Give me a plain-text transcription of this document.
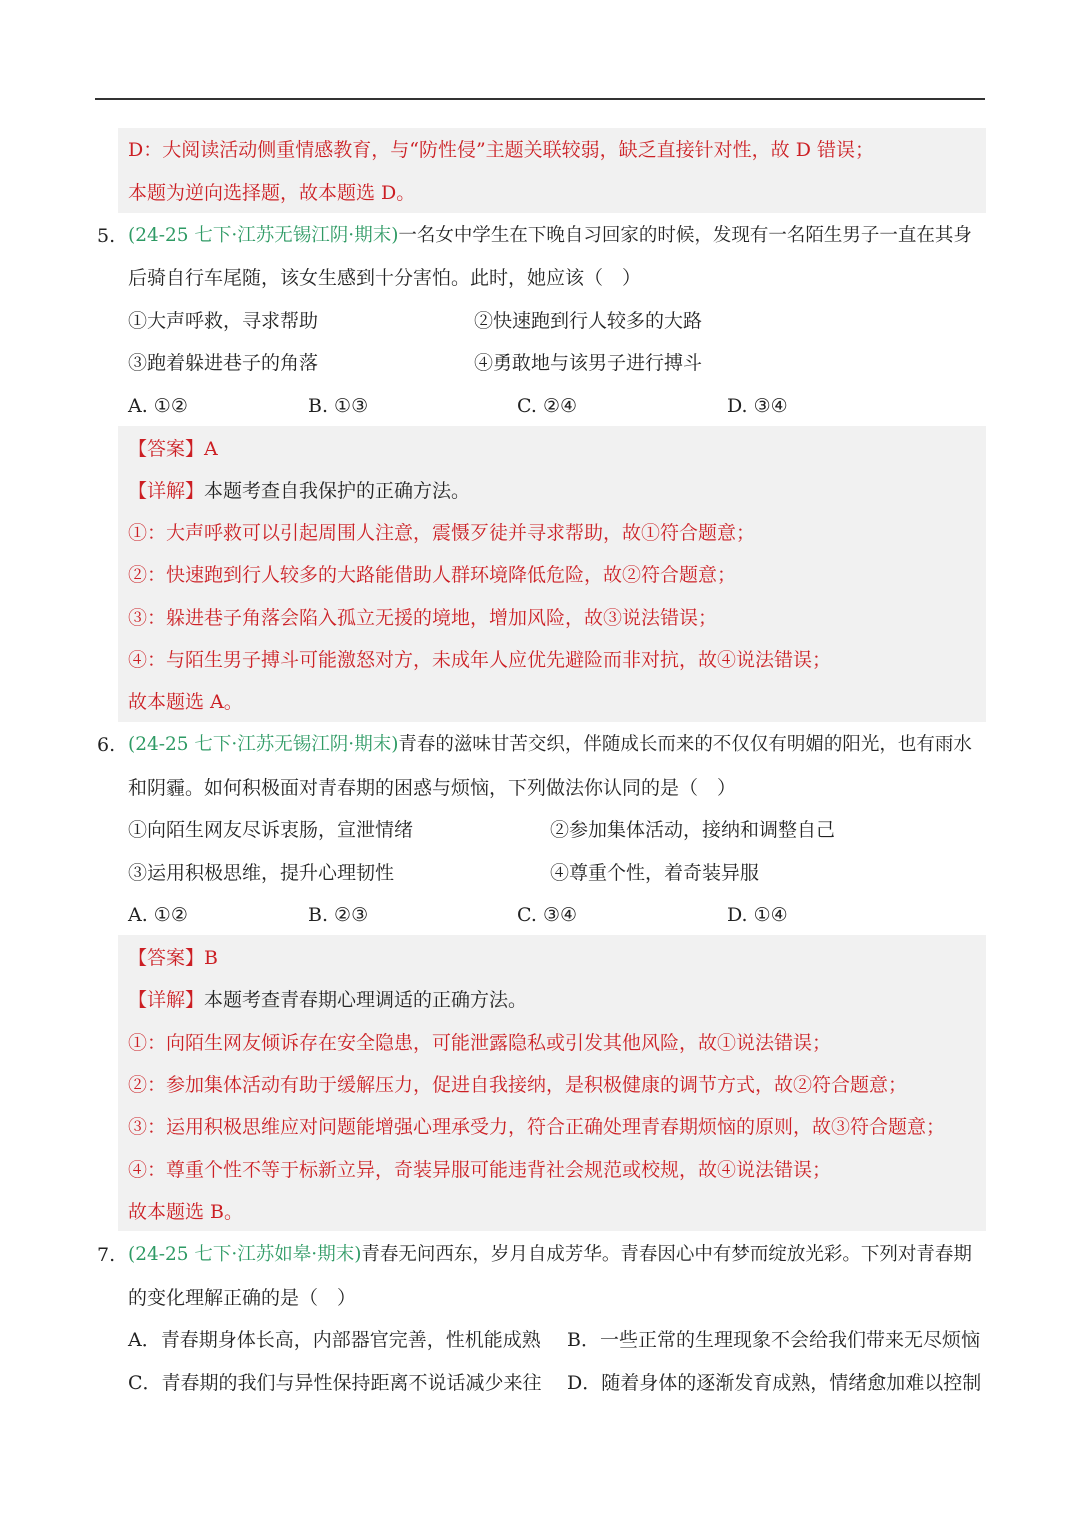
D：大阅读活动侧重情感教育，与“防性侵”主题关联较弱，缺乏直接针对性，故 D 错误；
本题为逆向选择题，故本题选 D。
5. (24-25 七下·江苏无锡江阴·期末)一名女中学生在下晚自习回家的时候，发现有一名陌生男子一直在其身
后骑自行车尾随，该女生感到十分害怕。此时，她应该（　）
①大声呼救，寻求帮助	②快速跑到行人较多的大路
③跑着躲进巷子的角落	④勇敢地与该男子进行搏斗
A. ①②	B. ①③	C. ②④	D. ③④
【答案】A
【详解】本题考查自我保护的正确方法。
①：大声呼救可以引起周围人注意，震慑歹徒并寻求帮助，故①符合题意；
②：快速跑到行人较多的大路能借助人群环境降低危险，故②符合题意；
③：躲进巷子角落会陷入孤立无援的境地，增加风险，故③说法错误；
④：与陌生男子搏斗可能激怒对方，未成年人应优先避险而非对抗，故④说法错误；
故本题选 A。
6. (24-25 七下·江苏无锡江阴·期末)青春的滋味甘苦交织，伴随成长而来的不仅仅有明媚的阳光，也有雨水
和阴霾。如何积极面对青春期的困惑与烦恼，下列做法你认同的是（　）
①向陌生网友尽诉衷肠，宣泄情绪	②参加集体活动，接纳和调整自己
③运用积极思维，提升心理韧性	④尊重个性，着奇装异服
A. ①②	B. ②③	C. ③④	D. ①④
【答案】B
【详解】本题考查青春期心理调适的正确方法。
①：向陌生网友倾诉存在安全隐患，可能泄露隐私或引发其他风险，故①说法错误；
②：参加集体活动有助于缓解压力，促进自我接纳，是积极健康的调节方式，故②符合题意；
③：运用积极思维应对问题能增强心理承受力，符合正确处理青春期烦恼的原则，故③符合题意；
④：尊重个性不等于标新立异，奇装异服可能违背社会规范或校规，故④说法错误；
故本题选 B。
7. (24-25 七下·江苏如皋·期末)青春无问西东，岁月自成芳华。青春因心中有梦而绽放光彩。下列对青春期
的变化理解正确的是（　）
A．青春期身体长高，内部器官完善，性机能成熟 B．一些正常的生理现象不会给我们带来无尽烦恼
C．青春期的我们与异性保持距离不说话减少来往 D．随着身体的逐渐发育成熟，情绪愈加难以控制
